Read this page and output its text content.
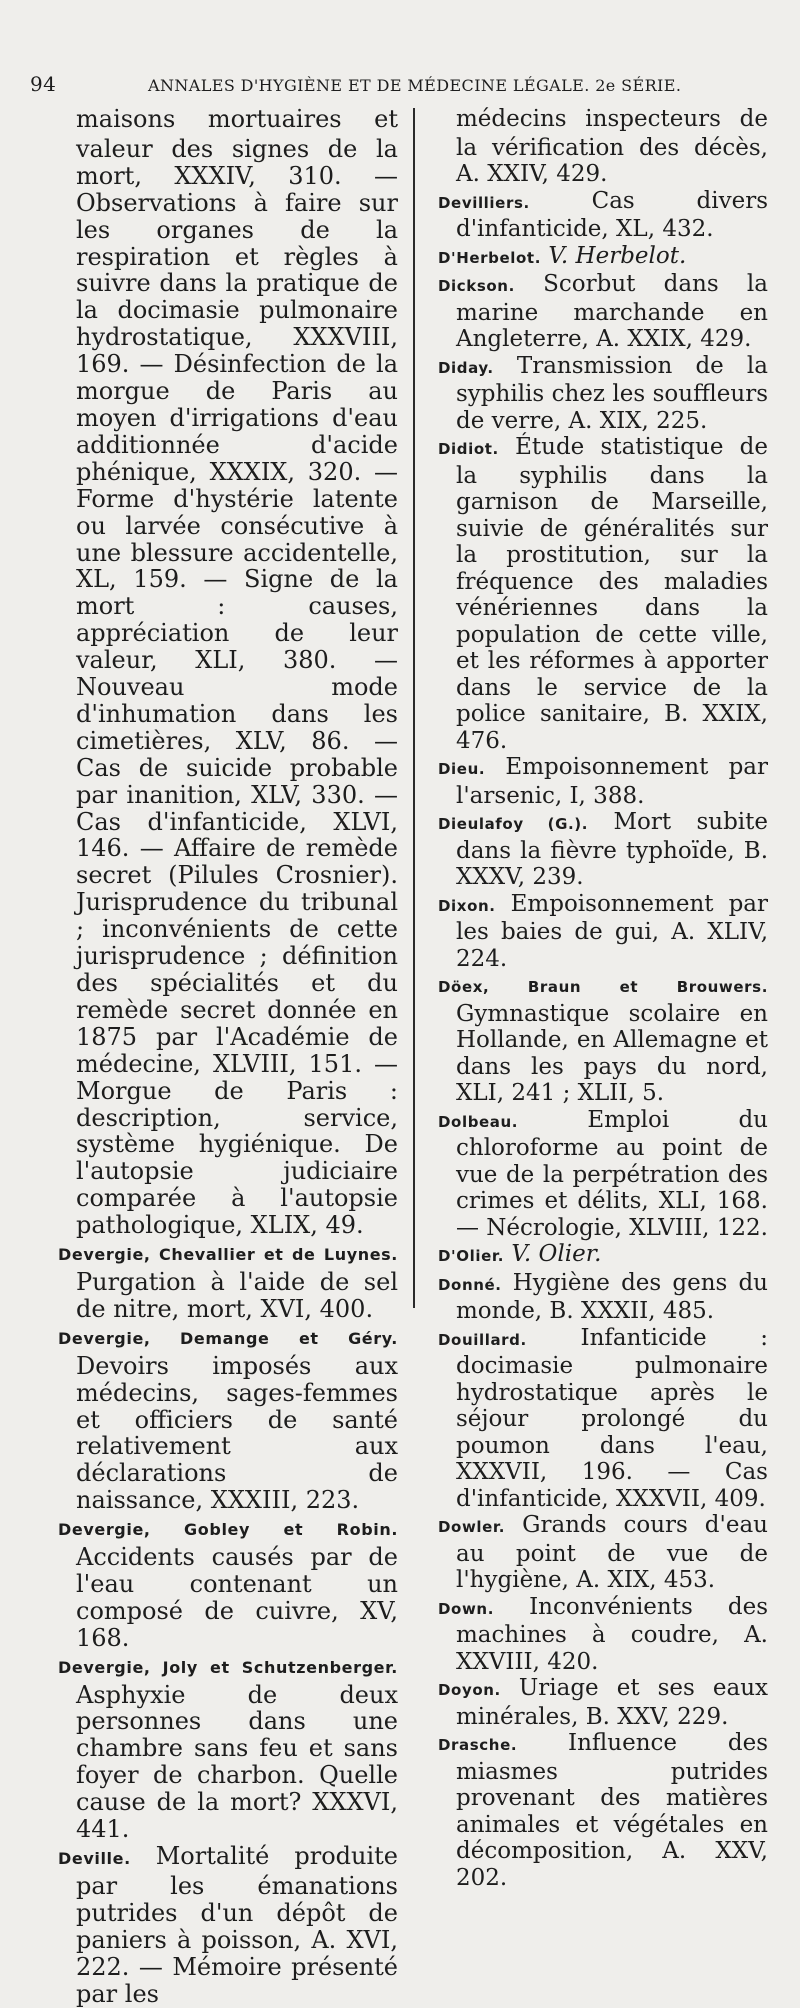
94	ANNALES D'HYGIÈNE ET DE MÉDECINE LÉGALE. 2e SÉRIE.

maisons mortuaires et valeur des signes de la mort, XXXIV, 310. — Observations à faire sur les organes de la respiration et règles à suivre dans la pratique de la docimasie pulmonaire hydrostatique, XXXVIII, 169. — Désinfection de la morgue de Paris au moyen d'irrigations d'eau additionnée d'acide phénique, XXXIX, 320. — Forme d'hystérie latente ou larvée consécutive à une blessure accidentelle, XL, 159. — Signe de la mort : causes, appréciation de leur valeur, XLI, 380. —Nouveau mode d'inhumation dans les cimetières, XLV, 86. — Cas de suicide probable par inanition, XLV, 330. — Cas d'infanticide, XLVI, 146. — Affaire de remède secret (Pilules Crosnier). Jurisprudence du tribunal ; inconvénients de cette jurisprudence ; définition des spécialités et du remède secret donnée en 1875 par l'Académie de médecine, XLVIII, 151. — Morgue de Paris : description, service, système hygiénique. De l'autopsie judiciaire comparée à l'autopsie pathologique, XLIX, 49.

Devergie, Chevallier et de Luynes. Purgation à l'aide de sel de nitre, mort, XVI, 400.

Devergie, Demange et Géry. Devoirs imposés aux médecins, sages-femmes et officiers de santé relativement aux déclarations de naissance, XXXIII, 223.

Devergie, Gobley et Robin. Accidents causés par de l'eau contenant un composé de cuivre, XV, 168.

Devergie, Joly et Schutzenberger. Asphyxie de deux personnes dans une chambre sans feu et sans foyer de charbon. Quelle cause de la mort? XXXVI, 441.

Deville. Mortalité produite par les émanations putrides d'un dépôt de paniers à poisson, A. XVI, 222. — Mémoire présenté par les

médecins inspecteurs de la vérification des décès, A. XXIV, 429.

Devilliers.	Cas divers d'infanticide, XL, 432.

D'Herbelot. V. Herbelot.

Dickson. Scorbut dans la marine marchande en Angleterre, A. XXIX, 429.

Diday. Transmission de la syphilis chez les souffleurs de verre, A. XIX, 225.

Didiot. Étude statistique de la syphilis dans la garnison de Marseille, suivie de généralités sur la prostitution, sur la fréquence des maladies vénériennes dans la population de cette ville, et les réformes à apporter dans le service de la police sanitaire, B. XXIX, 476.

Dieu. Empoisonnement par l'arsenic, I, 388.

Dieulafoy (G.). Mort subite dans la fièvre typhoïde, B. XXXV, 239.

Dixon. Empoisonnement par les baies de gui, A. XLIV, 224.

Döex, Braun et Brouwers. Gymnastique scolaire en Hollande, en Allemagne et dans les pays du nord, XLI, 241 ; XLII, 5.

Dolbeau.	Emploi du chloroforme au point de vue de la perpétration des crimes et délits, XLI, 168.— Nécrologie, XLVIII, 122.

D'Olier. V. Olier.

Donné. Hygiène des gens du monde, B. XXXII, 485.

Douillard. Infanticide : docimasie pulmonaire hydrostatique après le séjour prolongé du poumon dans l'eau, XXXVII, 196. — Cas d'infanticide, XXXVII, 409.

Dowler. Grands cours d'eau au point de vue de l'hygiène, A. XIX, 453.

Down. Inconvénients des machines à coudre, A. XXVIII, 420.

Doyon. Uriage et ses eaux minérales, B. XXV, 229.

Drasche. Influence des miasmes putrides provenant des matières animales et végétales en décomposition, A. XXV, 202.
